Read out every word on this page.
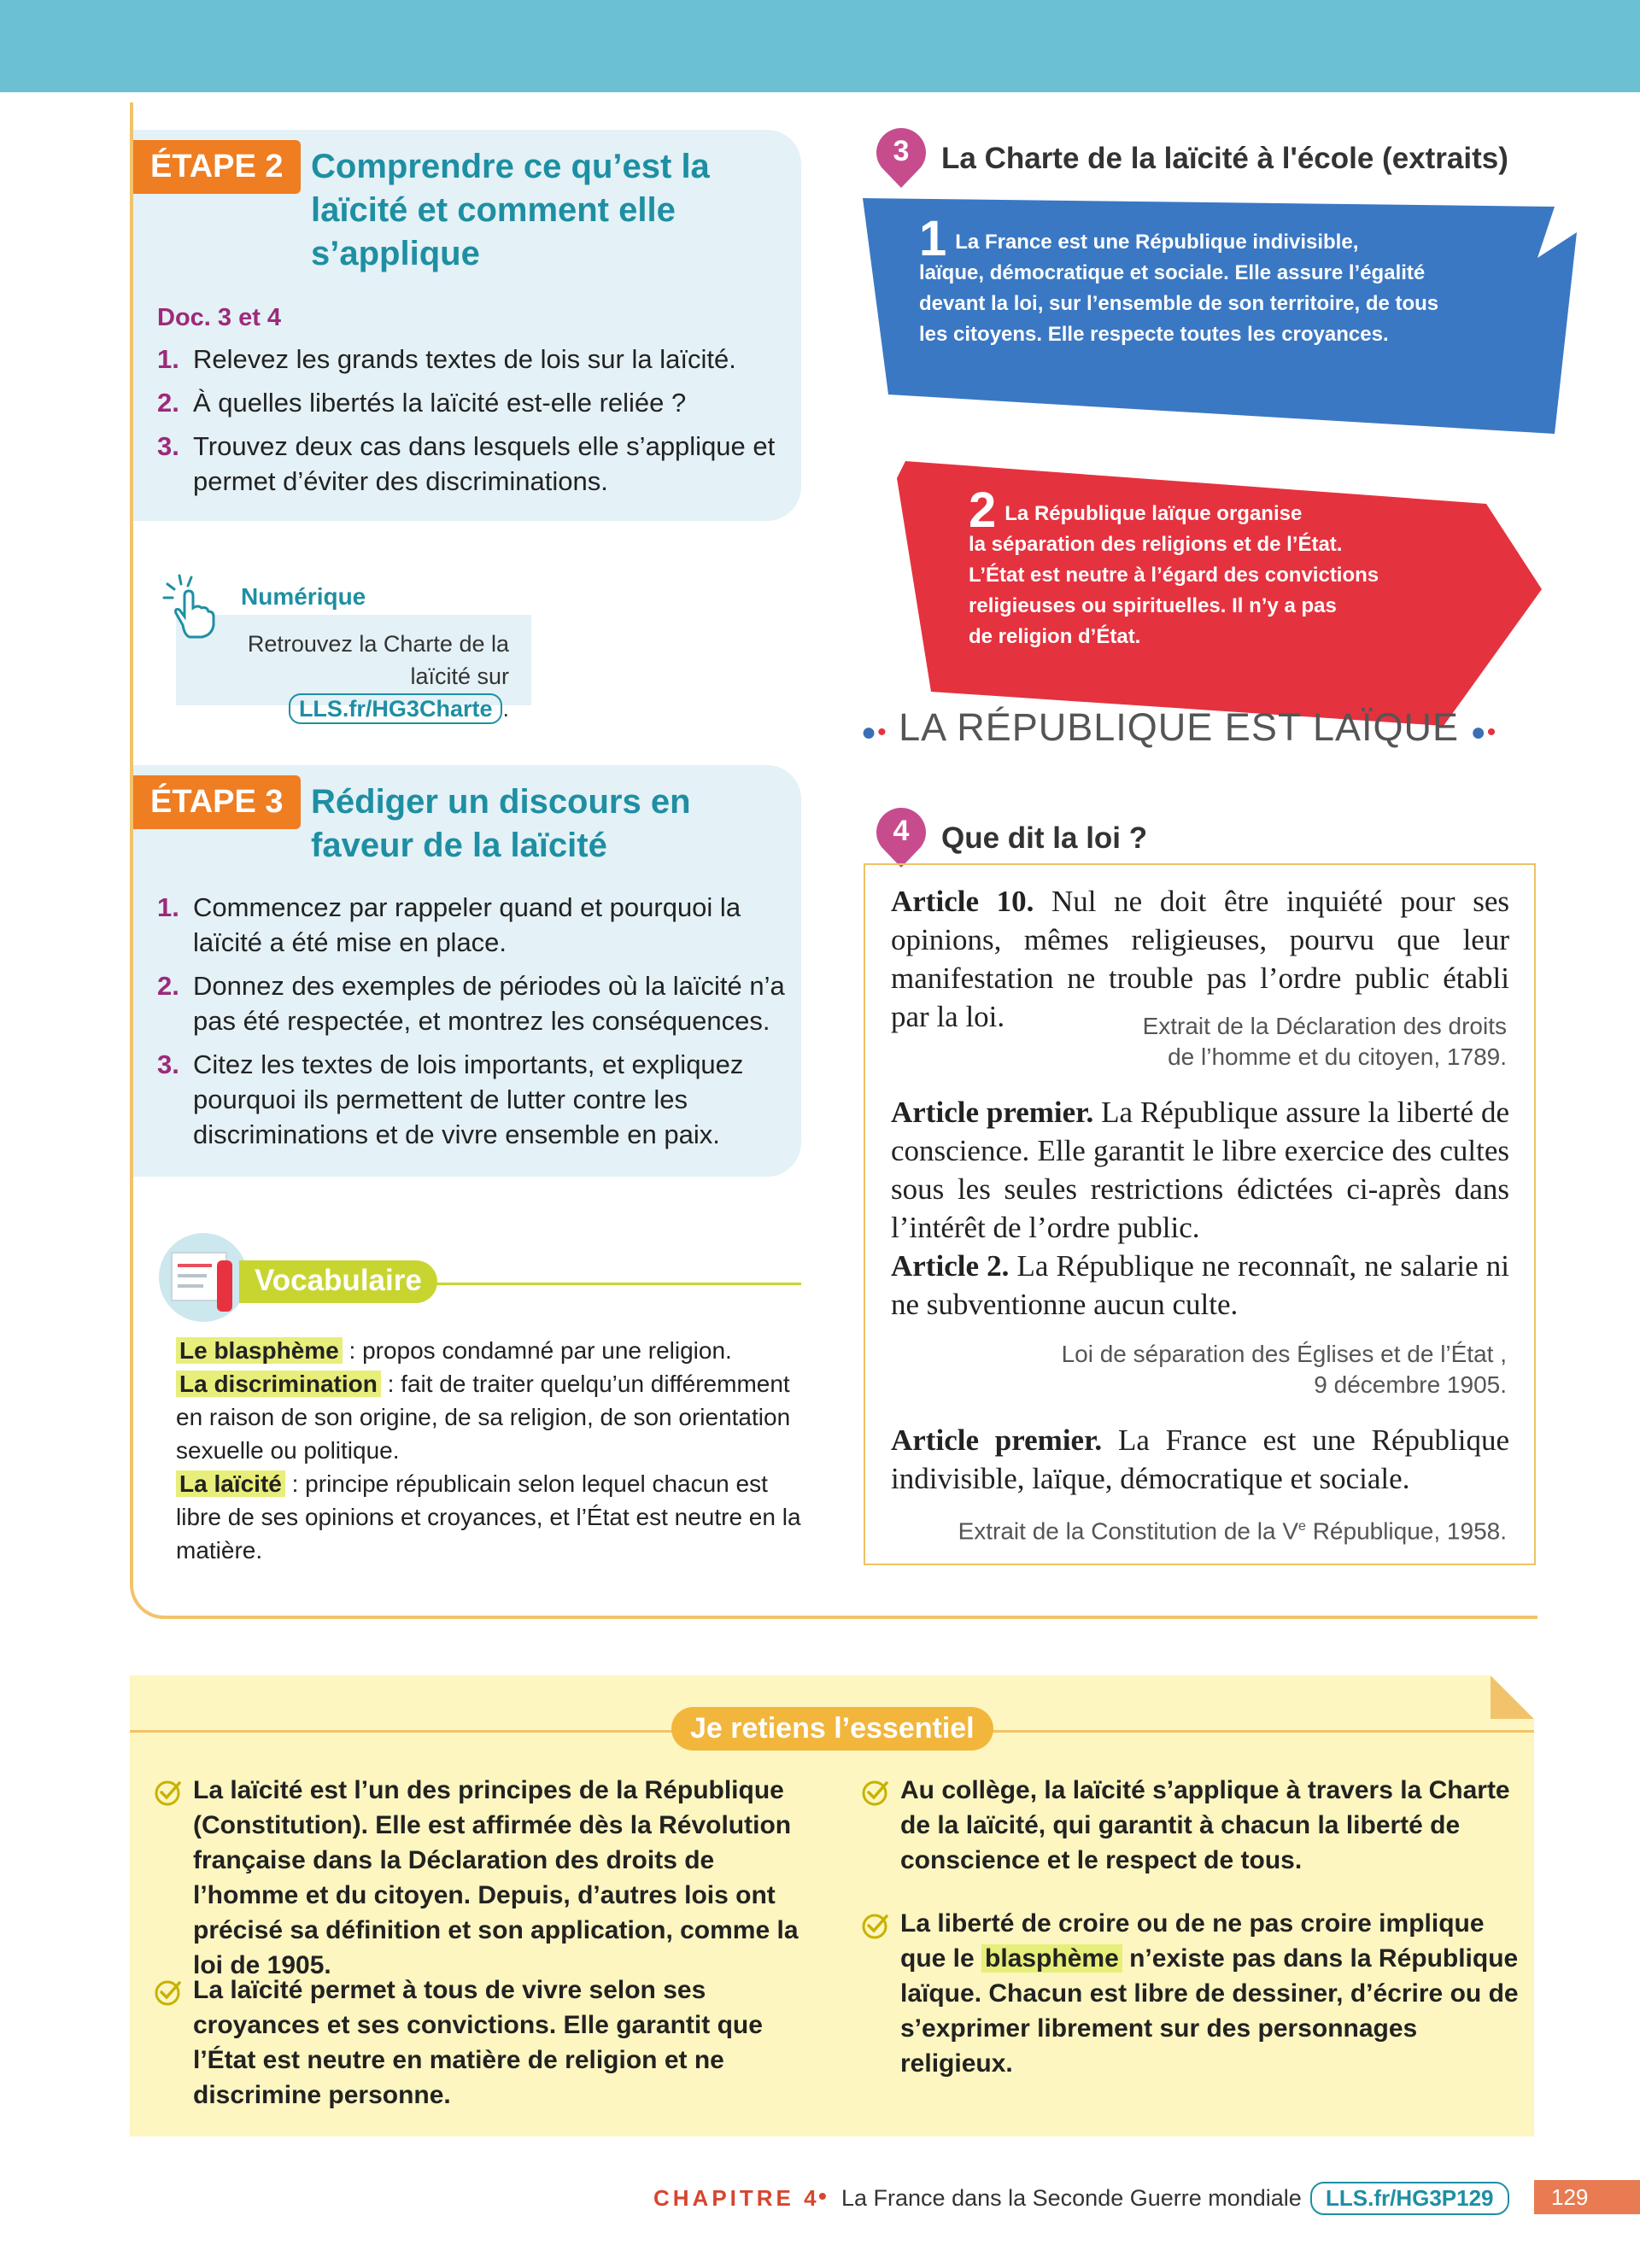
ÉTAPE 2 Comprendre ce qu’est la
laïcité et comment elle
s’applique
Doc. 3 et 4
1. Relevez les grands textes de lois sur la laïcité.
2. À quelles libertés la laïcité est-elle reliée ?
3. Trouvez deux cas dans lesquels elle s’applique et
permet d’éviter des discriminations.
Numérique
Retrouvez la Charte de la
laïcité sur LLS.fr/HG3Charte .
ÉTAPE 3 Rédiger un discours en
faveur de la laïcité
1. Commencez par rappeler quand et pourquoi la
laïcité a été mise en place.
2. Donnez des exemples de périodes où la laïcité n’a
pas été respectée, et montrez les conséquences.
3. Citez les textes de lois importants, et expliquez
pourquoi ils permettent de lutter contre les
discriminations et de vivre ensemble en paix.
Vocabulaire
Le blasphème : propos condamné par une religion.
La discrimination : fait de traiter quelqu’un différemment en raison de son origine, de sa religion, de son orientation sexuelle ou politique.
La laïcité : principe républicain selon lequel chacun est libre de ses opinions et croyances, et l’État est neutre en la matière.
3	La Charte de la laïcité à l'école (extraits)
1 La France est une République indivisible,
laïque, démocratique et sociale. Elle assure l’égalité
devant la loi, sur l’ensemble de son territoire, de tous
les citoyens. Elle respecte toutes les croyances.
2 La République laïque organise
la séparation des religions et de l’État.
L’État est neutre à l’égard des convictions
religieuses ou spirituelles. Il n’y a pas
de religion d’État.
●• LA RÉPUBLIQUE EST LAÏQUE ●•
4	Que dit la loi ?
Article 10. Nul ne doit être inquiété pour ses opinions, mêmes religieuses, pourvu que leur manifestation ne trouble pas l’ordre public établi par la loi.	Extrait de la Déclaration des droits
de l’homme et du citoyen, 1789.
Article premier. La République assure la liberté de conscience. Elle garantit le libre exercice des cultes sous les seules restrictions édictées ci-après dans l’intérêt de l’ordre public.
Article 2. La République ne reconnaît, ne salarie ni ne subventionne aucun culte.
Loi de séparation des Églises et de l’État ,
9 décembre 1905.
Article premier. La France est une République indivisible, laïque, démocratique et sociale.
Extrait de la Constitution de la Ve République, 1958.
Je retiens l’essentiel
La laïcité est l’un des principes de la République (Constitution). Elle est affirmée dès la Révolution française dans la Déclaration des droits de l’homme et du citoyen. Depuis, d’autres lois ont précisé sa définition et son application, comme la loi de 1905.
La laïcité permet à tous de vivre selon ses croyances et ses convictions. Elle garantit que l’État est neutre en matière de religion et ne discrimine personne.
Au collège, la laïcité s’applique à travers la Charte de la laïcité, qui garantit à chacun la liberté de conscience et le respect de tous.
La liberté de croire ou de ne pas croire implique que le blasphème n’existe pas dans la République laïque. Chacun est libre de dessiner, d’écrire ou de s’exprimer librement sur des personnages religieux.
CHAPITRE 4
• La France dans la Seconde Guerre mondiale	LLS.fr/HG3P129	129
